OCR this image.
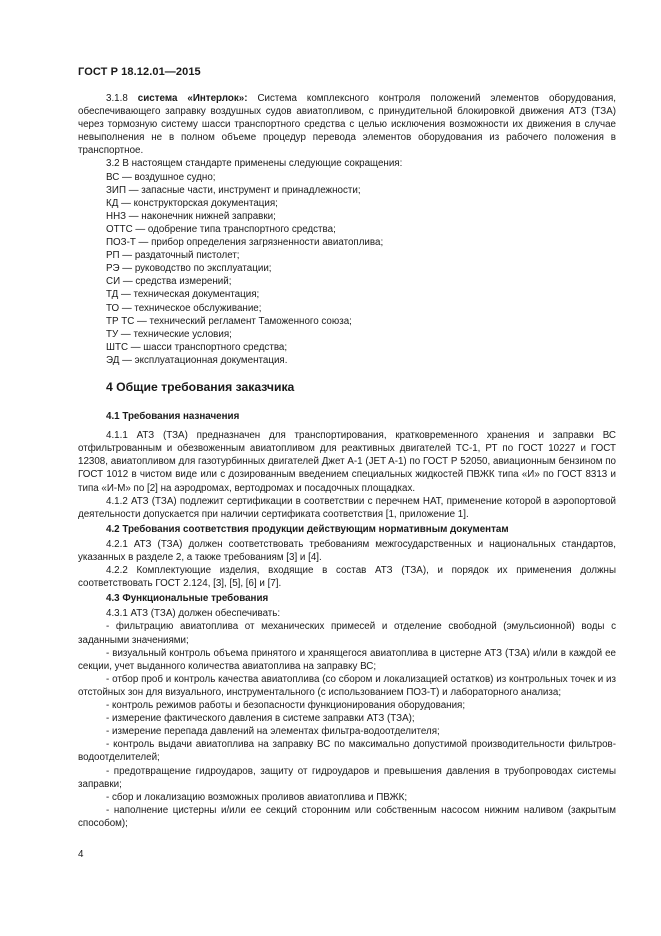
ГОСТ Р 18.12.01—2015

3.1.8 система «Интерлок»: Система комплексного контроля положений элементов оборудования, обеспечивающего заправку воздушных судов авиатопливом, с принудительной блокировкой движения АТЗ (ТЗА) через тормозную систему шасси транспортного средства с целью исключения возможности их движения в случае невыполнения не в полном объеме процедур перевода элементов оборудования из рабочего положения в транспортное.

3.2 В настоящем стандарте применены следующие сокращения:

ВС — воздушное судно;

ЗИП — запасные части, инструмент и принадлежности;

КД — конструкторская документация;

ННЗ — наконечник нижней заправки;

ОТТС — одобрение типа транспортного средства;

ПОЗ-Т — прибор определения загрязненности авиатоплива;

РП — раздаточный пистолет;

РЭ — руководство по эксплуатации;

СИ — средства измерений;

ТД — техническая документация;

ТО — техническое обслуживание;

ТР ТС — технический регламент Таможенного союза;

ТУ — технические условия;

ШТС — шасси транспортного средства;

ЭД — эксплуатационная документация.

4 Общие требования заказчика

4.1 Требования назначения

4.1.1 АТЗ (ТЗА) предназначен для транспортирования, кратковременного хранения и заправки ВС отфильтрованным и обезвоженным авиатопливом для реактивных двигателей ТС-1, РТ по ГОСТ 10227 и ГОСТ 12308, авиатопливом для газотурбинных двигателей Джет А-1 (JET A-1) по ГОСТ Р 52050, авиационным бензином по ГОСТ 1012 в чистом виде или с дозированным введением специальных жидкостей ПВЖК типа «И» по ГОСТ 8313 и типа «И-М» по [2] на аэродромах, вертодромах и посадочных площадках.

4.1.2 АТЗ (ТЗА) подлежит сертификации в соответствии с перечнем НАТ, применение которой в аэропортовой деятельности допускается при наличии сертификата соответствия [1, приложение 1].

4.2 Требования соответствия продукции действующим нормативным документам

4.2.1 АТЗ (ТЗА) должен соответствовать требованиям межгосударственных и национальных стандартов, указанных в разделе 2, а также требованиям [3] и [4].

4.2.2 Комплектующие изделия, входящие в состав АТЗ (ТЗА), и порядок их применения должны соответствовать ГОСТ 2.124, [3], [5], [6] и [7].

4.3 Функциональные требования

4.3.1 АТЗ (ТЗА) должен обеспечивать:

- фильтрацию авиатоплива от механических примесей и отделение свободной (эмульсионной) воды с заданными значениями;

- визуальный контроль объема принятого и хранящегося авиатоплива в цистерне АТЗ (ТЗА) и/или в каждой ее секции, учет выданного количества авиатоплива на заправку ВС;

- отбор проб и контроль качества авиатоплива (со сбором и локализацией остатков) из контрольных точек и из отстойных зон для визуального, инструментального (с использованием ПОЗ-Т) и лабораторного анализа;

- контроль режимов работы и безопасности функционирования оборудования;

- измерение фактического давления в системе заправки АТЗ (ТЗА);

- измерение перепада давлений на элементах фильтра-водоотделителя;

- контроль выдачи авиатоплива на заправку ВС по максимально допустимой производительности фильтров-водоотделителей;

- предотвращение гидроударов, защиту от гидроударов и превышения давления в трубопроводах системы заправки;

- сбор и локализацию возможных проливов авиатоплива и ПВЖК;

- наполнение цистерны и/или ее секций сторонним или собственным насосом нижним наливом (закрытым способом);

4
